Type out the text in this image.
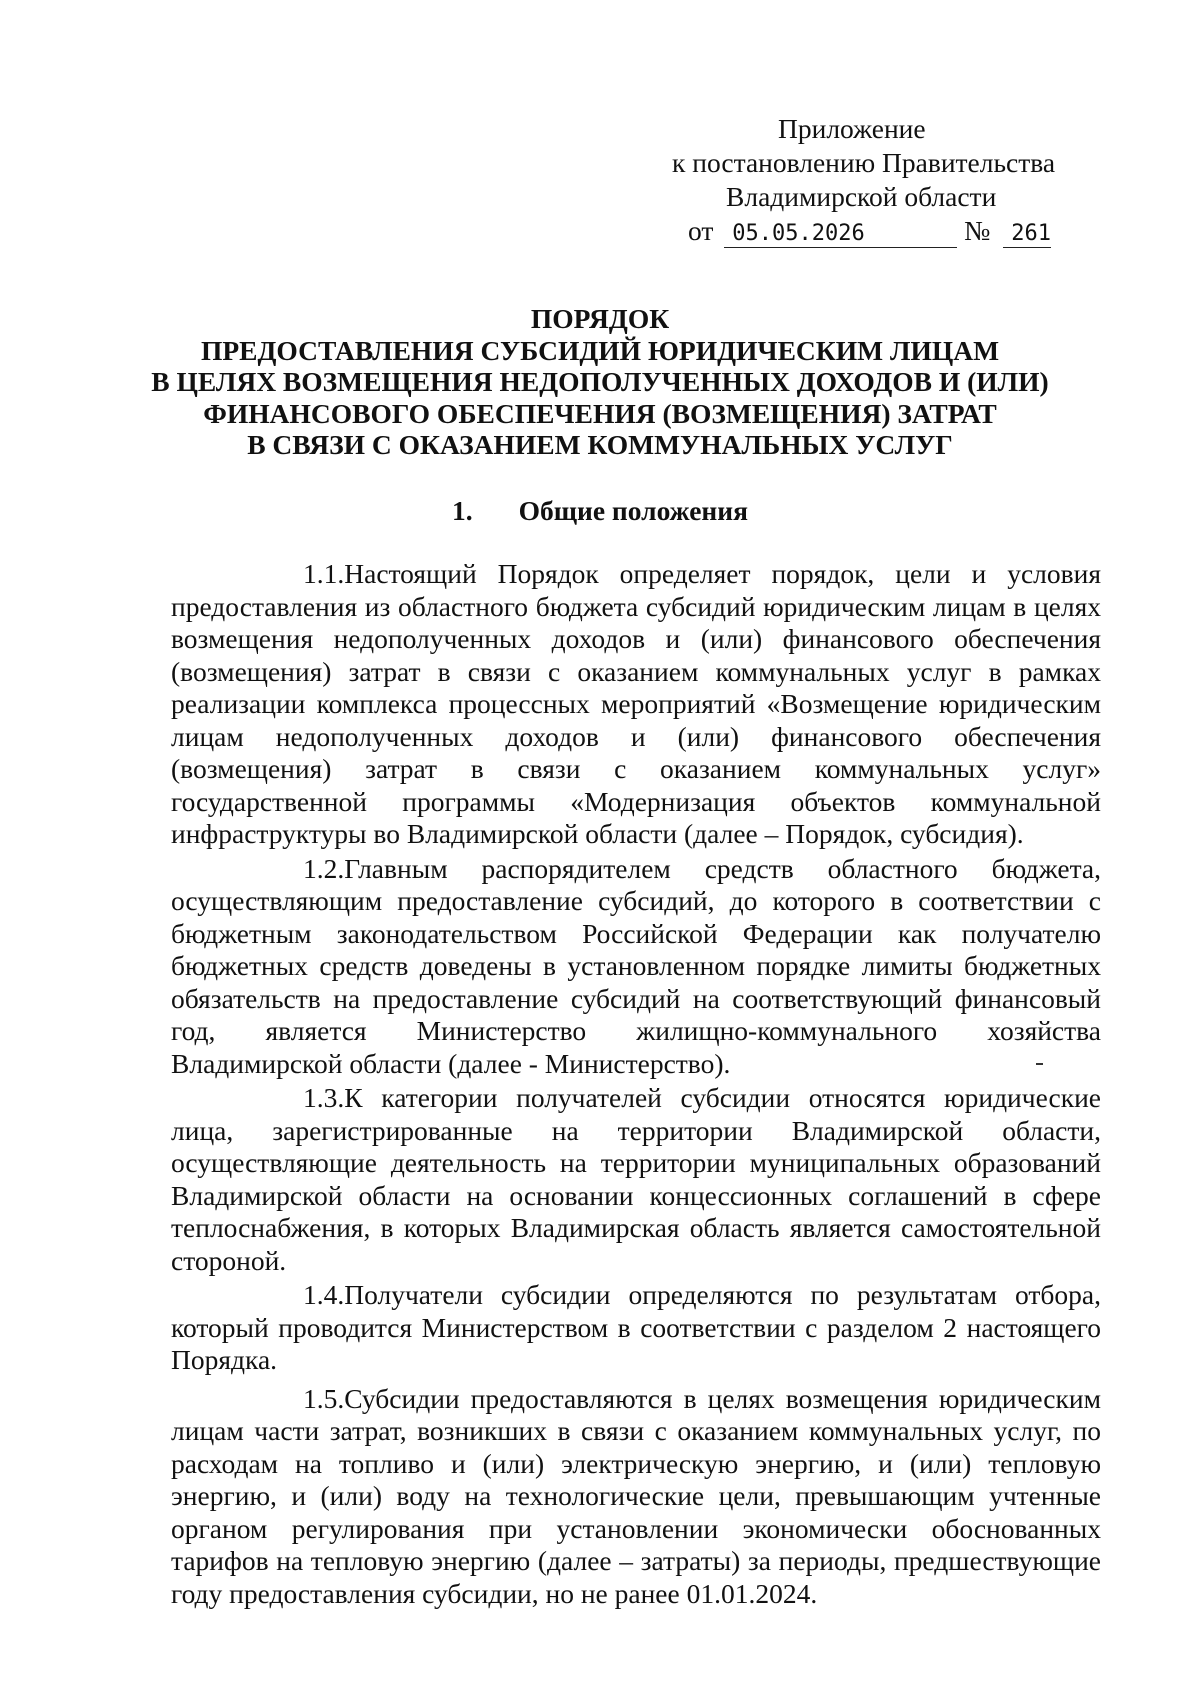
Приложение
к постановлению Правительства
Владимирской области
от 05.05.2026	№ 261
ПОРЯДОК
ПРЕДОСТАВЛЕНИЯ СУБСИДИЙ ЮРИДИЧЕСКИМ ЛИЦАМ
В ЦЕЛЯХ ВОЗМЕЩЕНИЯ НЕДОПОЛУЧЕННЫХ ДОХОДОВ И (ИЛИ)
ФИНАНСОВОГО ОБЕСПЕЧЕНИЯ (ВОЗМЕЩЕНИЯ) ЗАТРАТ
В СВЯЗИ С ОКАЗАНИЕМ КОММУНАЛЬНЫХ УСЛУГ
1. Общие положения

1.1.Настоящий Порядок определяет порядок, цели и условия предоставления из областного бюджета субсидий юридическим лицам в целях возмещения недополученных доходов и (или) финансового обеспечения (возмещения) затрат в связи с оказанием коммунальных услуг в рамках реализации комплекса процессных мероприятий «Возмещение юридическим лицам недополученных доходов и (или) финансового обеспечения (возмещения) затрат в связи с оказанием коммунальных услуг» государственной программы «Модернизация объектов коммунальной инфраструктуры во Владимирской области (далее – Порядок, субсидия).

1.2.Главным распорядителем средств областного бюджета, осуществляющим предоставление субсидий, до которого в соответствии с бюджетным законодательством Российской Федерации как получателю бюджетных средств доведены в установленном порядке лимиты бюджетных обязательств на предоставление субсидий на соответствующий финансовый год, является Министерство жилищно-коммунального хозяйства Владимирской области (далее - Министерство).

1.3.К категории получателей субсидии относятся юридические лица, зарегистрированные на территории Владимирской области, осуществляющие деятельность на территории муниципальных образований Владимирской области на основании концессионных соглашений в сфере теплоснабжения, в которых Владимирская область является самостоятельной стороной.

1.4.Получатели субсидии определяются по результатам отбора, который проводится Министерством в соответствии с разделом 2 настоящего Порядка.

1.5.Субсидии предоставляются в целях возмещения юридическим лицам части затрат, возникших в связи с оказанием коммунальных услуг, по расходам на топливо и (или) электрическую энергию, и (или) тепловую энергию, и (или) воду на технологические цели, превышающим учтенные органом регулирования при установлении экономически обоснованных тарифов на тепловую энергию (далее – затраты) за периоды, предшествующие году предоставления субсидии, но не ранее 01.01.2024.
